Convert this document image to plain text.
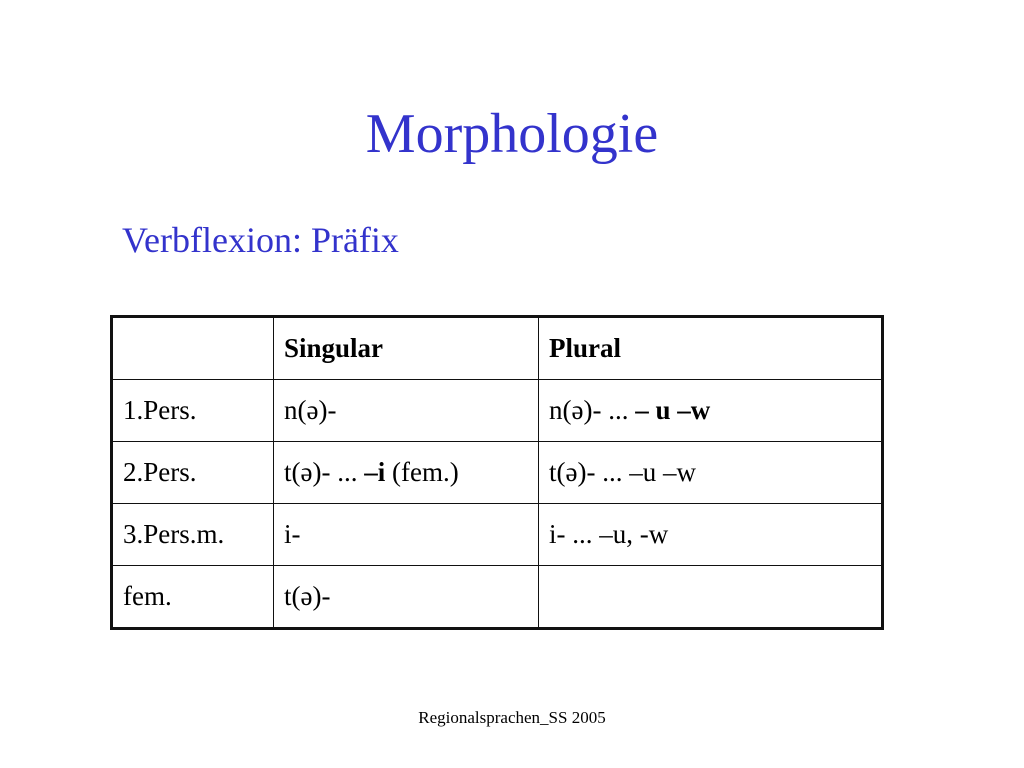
Morphologie
Verbflexion: Präfix
	Singular	Plural
1.Pers.	n(ə)-	n(ə)- ... – u –w
2.Pers.	t(ə)- ... –i (fem.)	t(ə)- ... –u –w
3.Pers.m.	i-	i- ... –u, -w
fem.	t(ə)-	
Regionalsprachen_SS 2005
